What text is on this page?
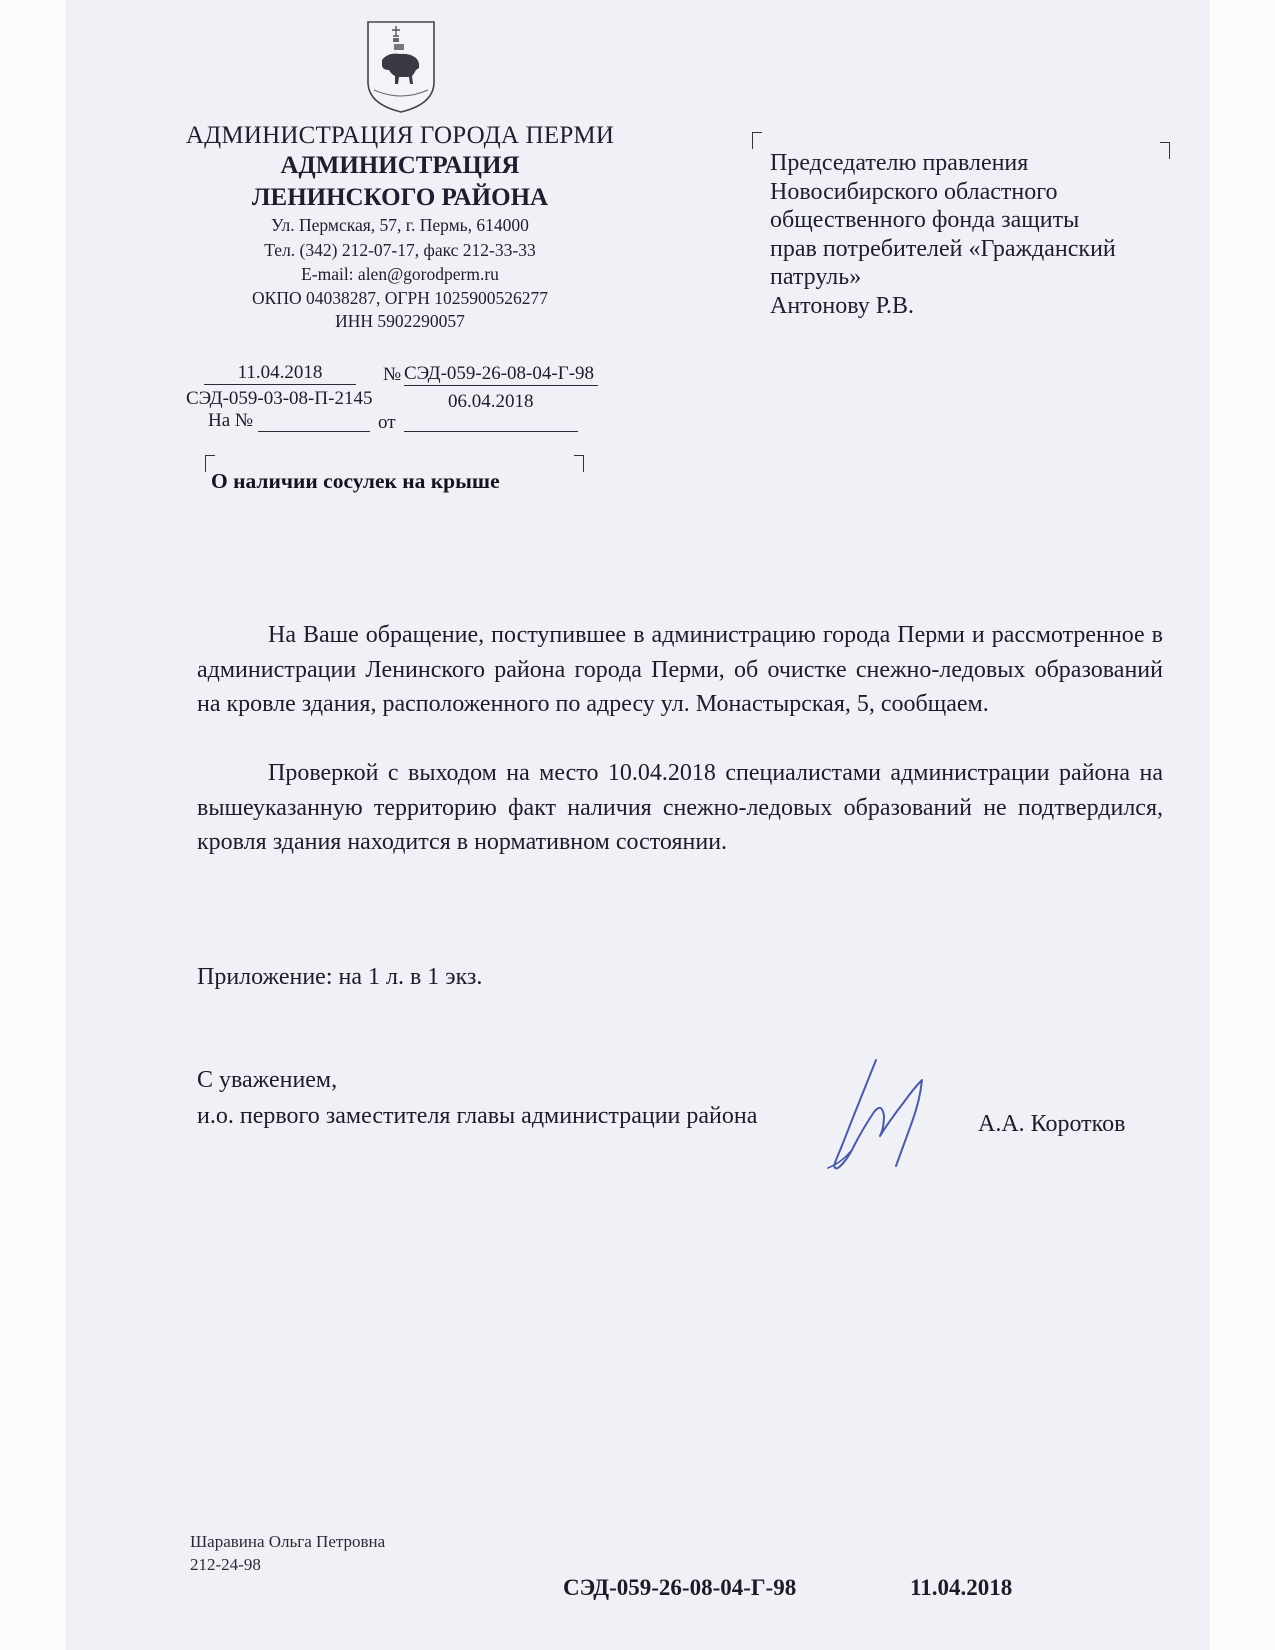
АДМИНИСТРАЦИЯ ГОРОДА ПЕРМИ
АДМИНИСТРАЦИЯ
ЛЕНИНСКОГО РАЙОНА
Ул. Пермская, 57, г. Пермь, 614000
Тел. (342) 212-07-17, факс 212-33-33
E-mail: alen@gorodperm.ru
ОКПО 04038287, ОГРН 1025900526277
ИНН 5902290057
11.04.2018	№ СЭД-059-26-08-04-Г-98
СЭД-059-03-08-П-2145	06.04.2018
На №	от
Председателю правления
Новосибирского областного
общественного фонда защиты
прав потребителей «Гражданский
патруль»
Антонову Р.В.
О наличии сосулек на крыше

На Ваше обращение, поступившее в администрацию города Перми и рассмотренное в администрации Ленинского района города Перми, об очистке снежно-ледовых образований на кровле здания, расположенного по адресу ул. Монастырская, 5, сообщаем.

Проверкой с выходом на место 10.04.2018 специалистами администрации района на вышеуказанную территорию факт наличия снежно-ледовых образований не подтвердился, кровля здания находится в нормативном состоянии.

Приложение: на 1 л. в 1 экз.
С уважением,
и.о. первого заместителя главы администрации района	А.А. Коротков
Шаравина Ольга Петровна
212-24-98
СЭД-059-26-08-04-Г-98	11.04.2018
